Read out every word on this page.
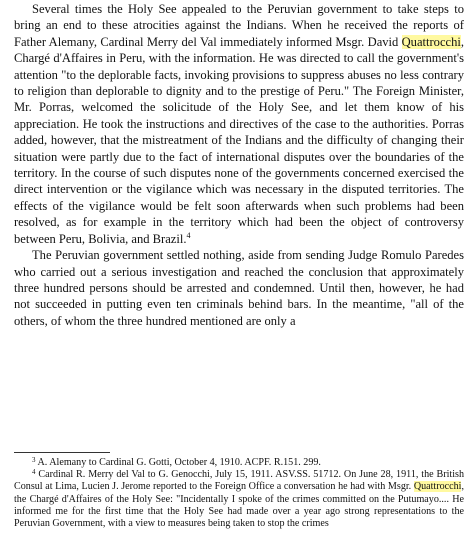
Several times the Holy See appealed to the Peruvian government to take steps to bring an end to these atrocities against the Indians. When he received the reports of Father Alemany, Cardinal Merry del Val immediately informed Msgr. David Quattrocchi, Chargé d'Affaires in Peru, with the information. He was directed to call the government's attention "to the deplorable facts, invoking provisions to suppress abuses no less contrary to religion than deplorable to dignity and to the prestige of Peru." The Foreign Minister, Mr. Porras, welcomed the solicitude of the Holy See, and let them know of his appreciation. He took the instructions and directives of the case to the authorities. Porras added, however, that the mistreatment of the Indians and the difficulty of changing their situation were partly due to the fact of international disputes over the boundaries of the territory. In the course of such disputes none of the governments concerned exercised the direct intervention or the vigilance which was necessary in the disputed territories. The effects of the vigilance would be felt soon afterwards when such problems had been resolved, as for example in the territory which had been the object of controversy between Peru, Bolivia, and Brazil.$^4$

The Peruvian government settled nothing, aside from sending Judge Romulo Paredes who carried out a serious investigation and reached the conclusion that approximately three hundred persons should be arrested and condemned. Until then, however, he had not succeeded in putting even ten criminals behind bars. In the meantime, "all of the others, of whom the three hundred mentioned are only a

$^3$ A. Alemany to Cardinal G. Gotti, October 4, 1910. ACPF. R.151. 299.

$^4$ Cardinal R. Merry del Val to G. Genocchi, July 15, 1911. ASV.SS. 51712. On June 28, 1911, the British Consul at Lima, Lucien J. Jerome reported to the Foreign Office a conversation he had with Msgr. Quattrocchi, the Chargé d'Affaires of the Holy See: "Incidentally I spoke of the crimes committed on the Putumayo.... He informed me for the first time that the Holy See had made over a year ago strong representations to the Peruvian Government, with a view to measures being taken to stop the crimes
